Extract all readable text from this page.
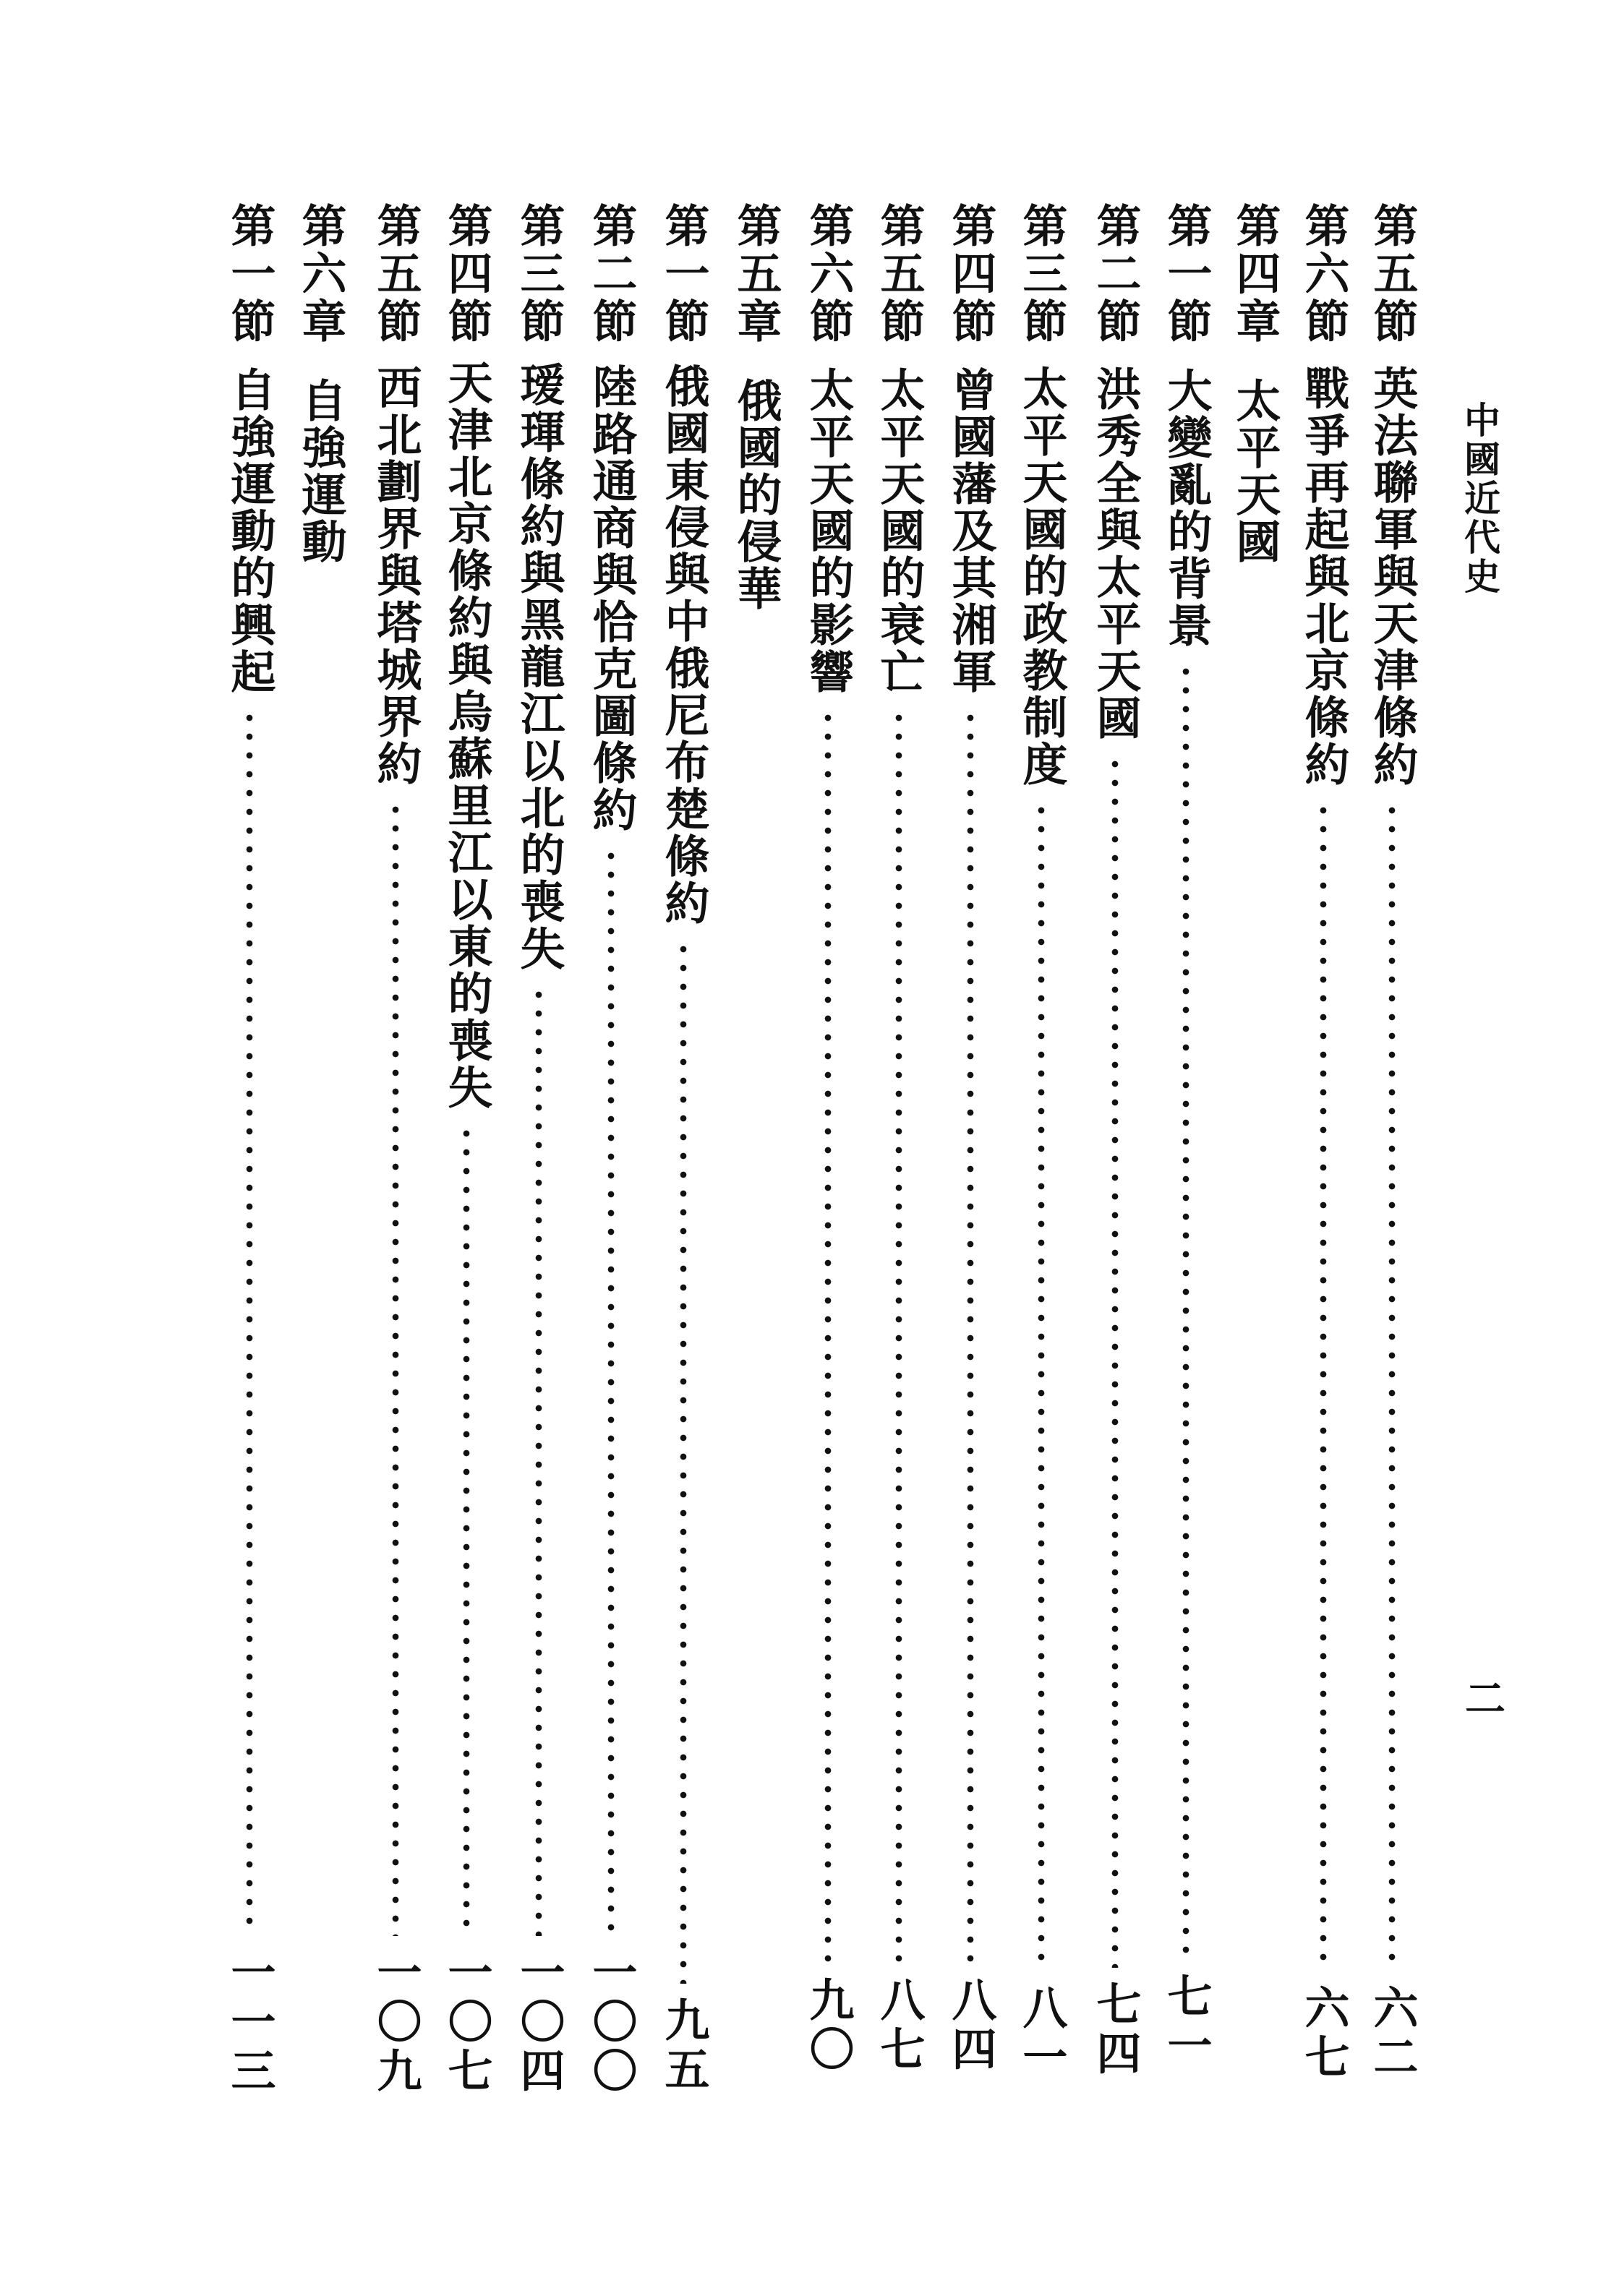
中國近代史
二
第五節
英法聯軍與天津條約
六二
第六節
戰爭再起與北京條約
六七
第四章
太平天國
第一節
大變亂的背景
七一
第二節
洪秀全與太平天國
七四
第三節
太平天國的政教制度
八一
第四節
曾國藩及其湘軍
八四
第五節
太平天國的衰亡
八七
第六節
太平天國的影響
九〇
第五章
俄國的侵華
第一節
俄國東侵與中俄尼布楚條約
九五
第二節
陸路通商與恰克圖條約
一〇〇
第三節
瑷琿條約與黑龍江以北的喪失
一〇四
第四節
天津北京條約與烏蘇里江以東的喪失
一〇七
第五節
西北劃界與塔城界約
一〇九
第六章
自強運動
第一節
自強運動的興起
一一三
